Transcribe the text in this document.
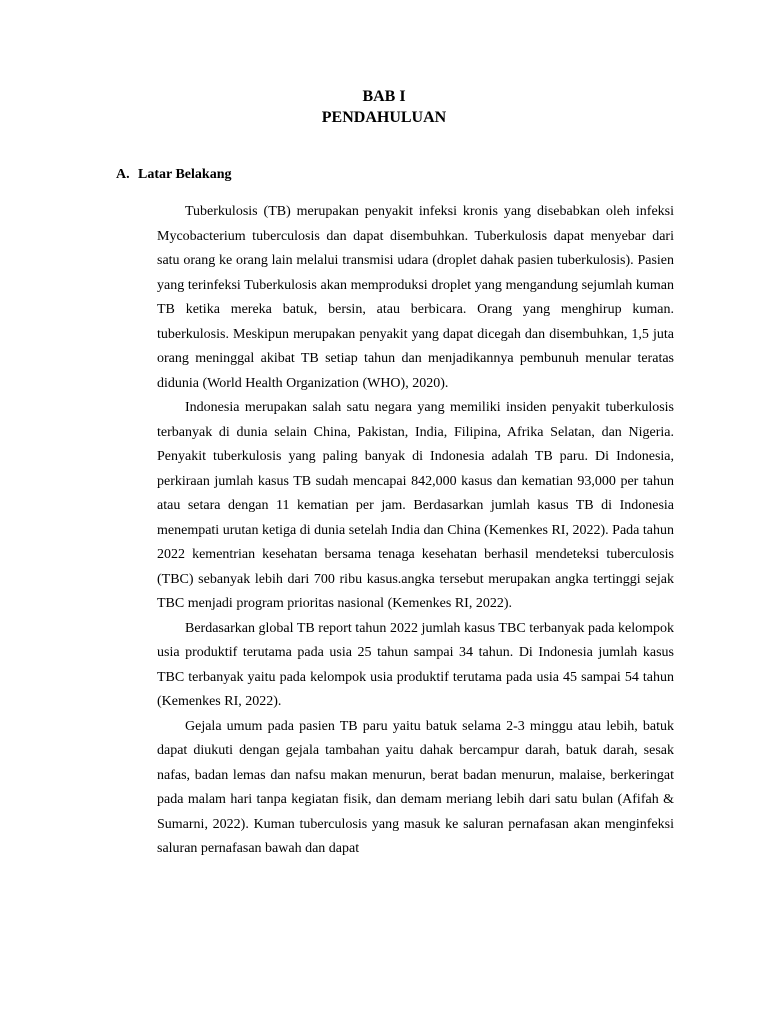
BAB I
PENDAHULUAN
A. Latar Belakang

Tuberkulosis (TB) merupakan penyakit infeksi kronis yang disebabkan oleh infeksi Mycobacterium tuberculosis dan dapat disembuhkan. Tuberkulosis dapat menyebar dari satu orang ke orang lain melalui transmisi udara (droplet dahak pasien tuberkulosis). Pasien yang terinfeksi Tuberkulosis akan memproduksi droplet yang mengandung sejumlah kuman TB ketika mereka batuk, bersin, atau berbicara. Orang yang menghirup kuman. tuberkulosis. Meskipun merupakan penyakit yang dapat dicegah dan disembuhkan, 1,5 juta orang meninggal akibat TB setiap tahun dan menjadikannya pembunuh menular teratas didunia (World Health Organization (WHO), 2020).

Indonesia merupakan salah satu negara yang memiliki insiden penyakit tuberkulosis terbanyak di dunia selain China, Pakistan, India, Filipina, Afrika Selatan, dan Nigeria. Penyakit tuberkulosis yang paling banyak di Indonesia adalah TB paru. Di Indonesia, perkiraan jumlah kasus TB sudah mencapai 842,000 kasus dan kematian 93,000 per tahun atau setara dengan 11 kematian per jam. Berdasarkan jumlah kasus TB di Indonesia menempati urutan ketiga di dunia setelah India dan China (Kemenkes RI, 2022). Pada tahun 2022 kementrian kesehatan bersama tenaga kesehatan berhasil mendeteksi tuberculosis (TBC) sebanyak lebih dari 700 ribu kasus.angka tersebut merupakan angka tertinggi sejak TBC menjadi program prioritas nasional (Kemenkes RI, 2022).

Berdasarkan global TB report tahun 2022 jumlah kasus TBC terbanyak pada kelompok usia produktif terutama pada usia 25 tahun sampai 34 tahun. Di Indonesia jumlah kasus TBC terbanyak yaitu pada kelompok usia produktif terutama pada usia 45 sampai 54 tahun (Kemenkes RI, 2022).

Gejala umum pada pasien TB paru yaitu batuk selama 2-3 minggu atau lebih, batuk dapat diukuti dengan gejala tambahan yaitu dahak bercampur darah, batuk darah, sesak nafas, badan lemas dan nafsu makan menurun, berat badan menurun, malaise, berkeringat pada malam hari tanpa kegiatan fisik, dan demam meriang lebih dari satu bulan (Afifah & Sumarni, 2022). Kuman tuberculosis yang masuk ke saluran pernafasan akan menginfeksi saluran pernafasan bawah dan dapat
